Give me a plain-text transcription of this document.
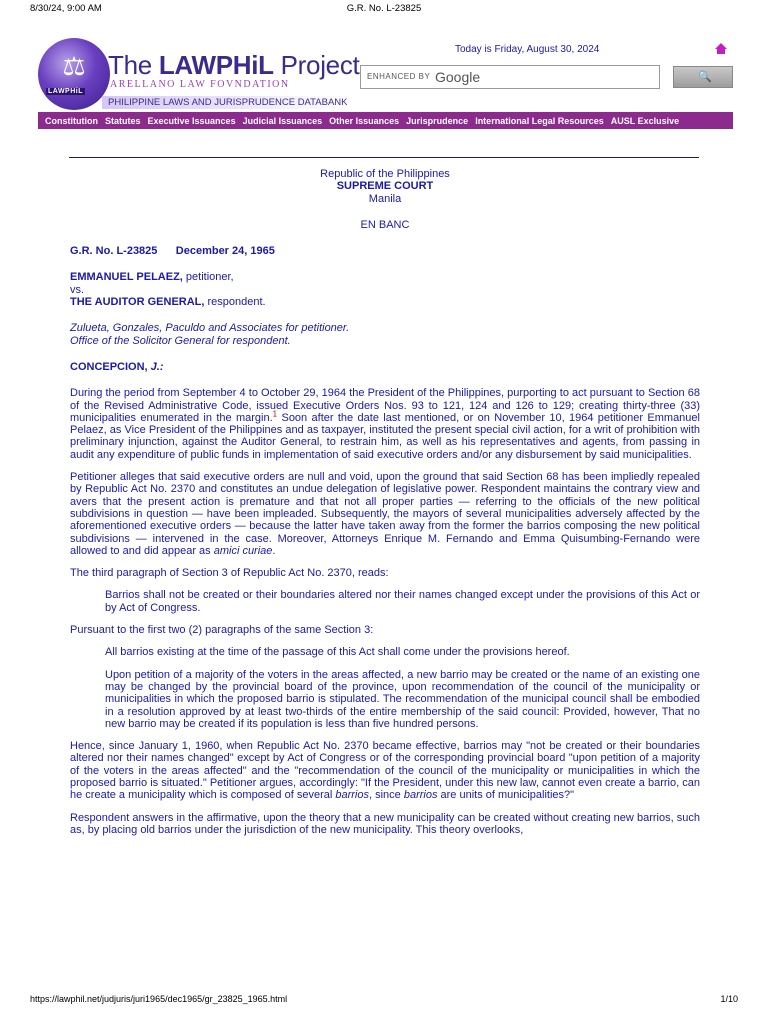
8/30/24, 9:00 AM	G.R. No. L-23825
⚖
LAWPHiL
The LAWPHiL Project
ARELLANO LAW FOVNDATION
PHILIPPINE LAWS AND JURISPRUDENCE DATABANK
Today is Friday, August 30, 2024
ENHANCED BY Google	🔍
Constitution Statutes Executive Issuances Judicial Issuances Other Issuances Jurisprudence International Legal Resources AUSL Exclusive

Republic of the Philippines

SUPREME COURT

Manila

EN BANC

G.R. No. L-23825 December 24, 1965

EMMANUEL PELAEZ, petitioner,

vs.

THE AUDITOR GENERAL, respondent.

Zulueta, Gonzales, Paculdo and Associates for petitioner.

Office of the Solicitor General for respondent.

CONCEPCION, J.:

During the period from September 4 to October 29, 1964 the President of the Philippines, purporting to act pursuant to Section 68 of the Revised Administrative Code, issued Executive Orders Nos. 93 to 121, 124 and 126 to 129; creating thirty-three (33) municipalities enumerated in the margin.$^1$ Soon after the date last mentioned, or on November 10, 1964 petitioner Emmanuel Pelaez, as Vice President of the Philippines and as taxpayer, instituted the present special civil action, for a writ of prohibition with preliminary injunction, against the Auditor General, to restrain him, as well as his representatives and agents, from passing in audit any expenditure of public funds in implementation of said executive orders and/or any disbursement by said municipalities.

Petitioner alleges that said executive orders are null and void, upon the ground that said Section 68 has been impliedly repealed by Republic Act No. 2370 and constitutes an undue delegation of legislative power. Respondent maintains the contrary view and avers that the present action is premature and that not all proper parties — referring to the officials of the new political subdivisions in question — have been impleaded. Subsequently, the mayors of several municipalities adversely affected by the aforementioned executive orders — because the latter have taken away from the former the barrios composing the new political subdivisions — intervened in the case. Moreover, Attorneys Enrique M. Fernando and Emma Quisumbing-Fernando were allowed to and did appear as amici curiae.

The third paragraph of Section 3 of Republic Act No. 2370, reads:

Barrios shall not be created or their boundaries altered nor their names changed except under the provisions of this Act or by Act of Congress.

Pursuant to the first two (2) paragraphs of the same Section 3:

All barrios existing at the time of the passage of this Act shall come under the provisions hereof.

Upon petition of a majority of the voters in the areas affected, a new barrio may be created or the name of an existing one may be changed by the provincial board of the province, upon recommendation of the council of the municipality or municipalities in which the proposed barrio is stipulated. The recommendation of the municipal council shall be embodied in a resolution approved by at least two-thirds of the entire membership of the said council: Provided, however, That no new barrio may be created if its population is less than five hundred persons.

Hence, since January 1, 1960, when Republic Act No. 2370 became effective, barrios may "not be created or their boundaries altered nor their names changed" except by Act of Congress or of the corresponding provincial board "upon petition of a majority of the voters in the areas affected" and the "recommendation of the council of the municipality or municipalities in which the proposed barrio is situated." Petitioner argues, accordingly: "If the President, under this new law, cannot even create a barrio, can he create a municipality which is composed of several barrios, since barrios are units of municipalities?"

Respondent answers in the affirmative, upon the theory that a new municipality can be created without creating new barrios, such as, by placing old barrios under the jurisdiction of the new municipality. This theory overlooks,

https://lawphil.net/judjuris/juri1965/dec1965/gr_23825_1965.html	1/10
